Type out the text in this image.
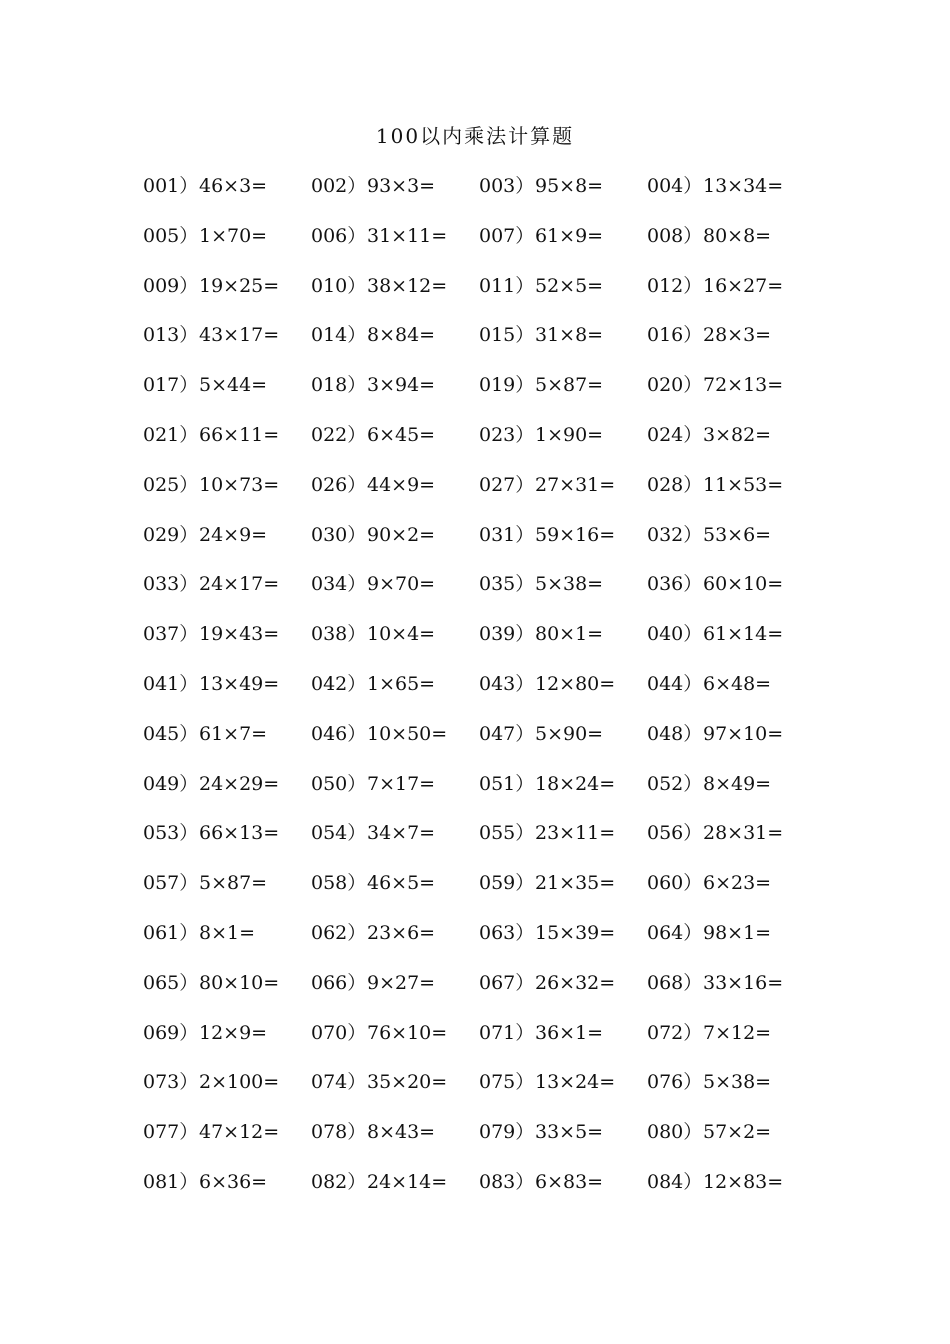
100以内乘法计算题
001）46×3=	002）93×3=	003）95×8=	004）13×34=
005）1×70=	006）31×11=	007）61×9=	008）80×8=
009）19×25=	010）38×12=	011）52×5=	012）16×27=
013）43×17=	014）8×84=	015）31×8=	016）28×3=
017）5×44=	018）3×94=	019）5×87=	020）72×13=
021）66×11=	022）6×45=	023）1×90=	024）3×82=
025）10×73=	026）44×9=	027）27×31=	028）11×53=
029）24×9=	030）90×2=	031）59×16=	032）53×6=
033）24×17=	034）9×70=	035）5×38=	036）60×10=
037）19×43=	038）10×4=	039）80×1=	040）61×14=
041）13×49=	042）1×65=	043）12×80=	044）6×48=
045）61×7=	046）10×50=	047）5×90=	048）97×10=
049）24×29=	050）7×17=	051）18×24=	052）8×49=
053）66×13=	054）34×7=	055）23×11=	056）28×31=
057）5×87=	058）46×5=	059）21×35=	060）6×23=
061）8×1=	062）23×6=	063）15×39=	064）98×1=
065）80×10=	066）9×27=	067）26×32=	068）33×16=
069）12×9=	070）76×10=	071）36×1=	072）7×12=
073）2×100=	074）35×20=	075）13×24=	076）5×38=
077）47×12=	078）8×43=	079）33×5=	080）57×2=
081）6×36=	082）24×14=	083）6×83=	084）12×83=
